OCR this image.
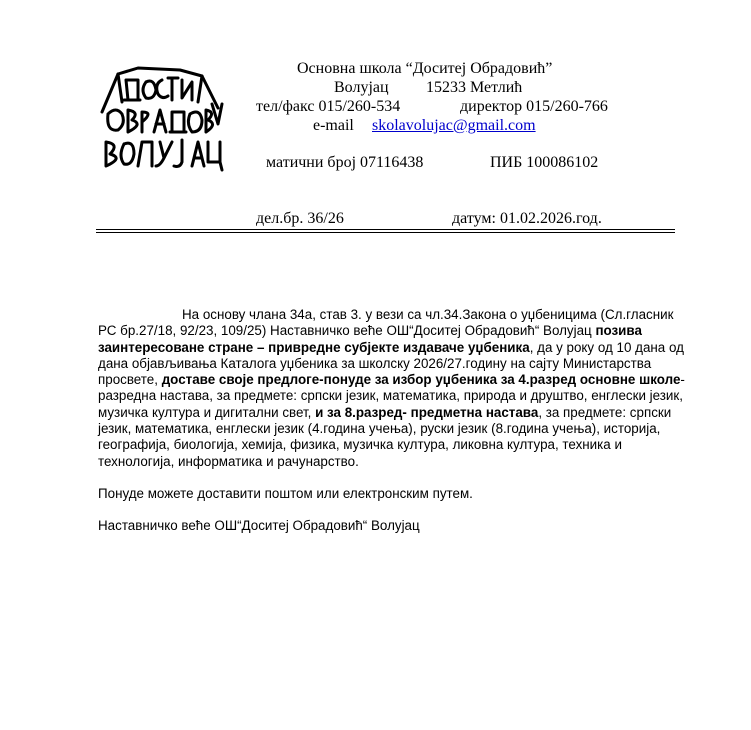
Основна школа “Доситеј Обрадовић”
Волујац 15233 Метлић
тел/факс 015/260-534	директор 015/260-766
e-mail skolavolujac@gmail.com
матични број 07116438	ПИБ 100086102
дел.бр. 36/26	датум: 01.02.2026.год.

На основу члана 34а, став 3. у вези са чл.34.Закона о уџбеницима (Сл.гласник РС бр.27/18, 92/23, 109/25) Наставничко веће ОШ“Доситеј Обрадовић“ Волујац позива заинтересоване стране – привредне субјекте издаваче уџбеника, да у року од 10 дана од дана објављивања Каталога уџбеника за школску 2026/27.годину на сајту Министарства просвете, доставе своје предлоге-понуде за избор уџбеника за 4.разред основне школе- разредна настава, за предмете: српски језик, математика, природа и друштво, енглески језик, музичка култура и дигитални свет, и за 8.разред- предметна настава, за предмете: српски језик, математика, енглески језик (4.година учења), руски језик (8.година учења), историја, географија, биологија, хемија, физика, музичка култура, ликовна култура, техника и технологија, информатика и рачунарство.

Понуде можете доставити поштом или електронским путем.

Наставничко веће ОШ“Доситеј Обрадовић“ Волујац
